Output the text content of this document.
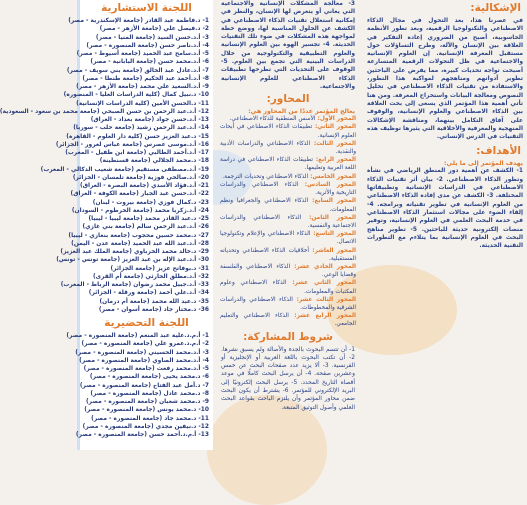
الإشكالية:

في عصرنا هذا، بعد التحول في مجال الذكاء الاصطناعي والتكنولوجيا الرقمية، وبعد تطور الأنظمة الحاسوبية، أصبح من الضروري إعادة التفكير في العلاقة بين الإنسان والآلة، وطرح التساؤلات حول مستقبل المعرفة الإنسانية. إن العلوم الإنسانية والاجتماعية في ظل التحولات الرقمية المتسارعة أصبحت تواجه تحديات كبيرة، مما يفرض على الباحثين تطوير أدواتهم ومناهجهم لمواكبة هذا التطور، والاستفادة من تقنيات الذكاء الاصطناعي في تحليل النصوص ومعالجة البيانات واستخراج المعرفة. ومن هنا تأتي أهمية هذا المؤتمر الذي يسعى إلى بحث العلاقة بين الذكاء الاصطناعي والعلوم الإنسانية، والوقوف على آفاق التكامل بينهما، ومناقشة الإشكالات المنهجية والمعرفية والأخلاقية التي يثيرها توظيف هذه التقنيات في الدرس الإنساني.

الأهداف:
يهدف المؤتمر إلى ما يلي:

1- الكشف عن أهمية دور المنطق الرياضي في نشأة وتطور الذكاء الاصطناعي. 2- بيان أثر تقنيات الذكاء الاصطناعي في الدراسات الإنسانية وتطبيقاتها المختلفة. 3- الكشف عن مدى إفادة الذكاء الاصطناعي من العلوم الإنسانية في تطوير تقنياته وبرامجه. 4- إلقاء الضوء على مجالات استثمار الذكاء الاصطناعي في خدمة البحث العلمي في العلوم الإنسانية، وتوفير منصات إلكترونية حديثة للباحثين. 5- تطوير مناهج البحث في العلوم الإنسانية بما يتلاءم مع التطورات التقنية الحديثة.

3- معالجة المشكلات الإنسانية والاجتماعية التي يعاني أو يتعرض لها الإنسان، والنظر في إمكانية استغلال تقنيات الذكاء الاصطناعي في الكشف عن الحلول المناسبة لها، ووضع خطة لمواجهة هذه المشكلات في ضوء تلك التقنيات الحديثة. 4- تجسير الهوة بين العلوم الإنسانية والعلوم التطبيقية والتكنولوجية من خلال الدراسات البينية التي تجمع بين العلوم. 5- الوقوف على التحديات التي تطرحها تطبيقات الذكاء الاصطناعي للعلوم الإنسانية والاجتماعية.

المحاور:
يعالج المؤتمر عددًا من المحاور هي:
المحور الأول: الأسس المنطقية للذكاء الاصطناعي.
المحور الثاني: تطبيقات الذكاء الاصطناعي في أبحاث العلوم الإنسانية.
المحور الثالث: الذكاء الاصطناعي والدراسات الأدبية والنقدية.
المحور الرابع: تطبيقات الذكاء الاصطناعي في دراسة اللغة العربية وتعليمها.
المحور الخامس: الذكاء الاصطناعي وتحديات الترجمة.
المحور السادس: الذكاء الاصطناعي والدراسات التاريخية والأثرية.
المحور السابع: الذكاء الاصطناعي والجغرافيا ونظم المعلومات.
المحور الثامن: الذكاء الاصطناعي والدراسات الاجتماعية والنفسية.
المحور التاسع: الذكاء الاصطناعي والإعلام وتكنولوجيا الاتصال.
المحور العاشر: أخلاقيات الذكاء الاصطناعي وتحدياته المستقبلية.
المحور الحادي عشر: الذكاء الاصطناعي والفلسفة وقضايا الوعي.
المحور الثاني عشر: الذكاء الاصطناعي وعلوم المكتبات والمعلومات.
المحور الثالث عشر: الذكاء الاصطناعي والدراسات الشرقية والمخطوطات.
المحور الرابع عشر: الذكاء الاصطناعي والتعليم الجامعي.
شروط المشاركة:

1- أن تتسم البحوث بالجدة والأصالة ولم يسبق نشرها. 2- أن تكتب البحوث باللغة العربية أو الإنجليزية أو الفرنسية. 3- ألا يزيد عدد صفحات البحث عن خمس وعشرين صفحة. 4- أن يرسل البحث كاملًا في موعد أقصاه التاريخ المحدد. 5- يرسل البحث إلكترونيًا إلى البريد الإلكتروني للمؤتمر. 6- يشترط أن يكون البحث ضمن محاور المؤتمر وأن يلتزم الباحث بقواعد البحث العلمي وأصول التوثيق المتبعة.

اللجنة الاستشارية
1- د.فاطمة عبد القادر (جامعة الإسكندرية - مصر)
2- د.فيصل علي (جامعة الأزهر - مصر)
3- أ.د.حسن السيد (جامعة المنيا - مصر)
4- أ.د.ناصر حسن (جامعة المنصورة - مصر)
5- أ.د.سامح عبد الحميد (جامعة أسيوط - مصر)
6- أ.د.محمد حسن (جامعة البابانية - مصر)
7- أ.د.عادل عبد الخالق (جامعة بني سويف - مصر)
8- أ.د.أحمد عبد الحكيم (جامعة طنطا - مصر)
9- أ.د.السعيد علي محمد (جامعة الأزهر - مصر)
10- د.نبيل كمال (كلية الدراسات العليا - المنصورة)
11- د.الحسن الأمين (كلية الدراسات الإنسانية)
12- أ.د.عبد الرحمن بن حسن الصبحي (جامعة محمد بن سعود - السعودية)
13- أ.د.حسن جواد (جامعة بغداد - العراق)
14- أ.د.عبد الرحمن رشيد (جامعة حلب - سوريا)
15- د.عبد العزيز حسن (كلية دار العلوم - القاهرة)
16- أ.د.موسى عصرس (جامعة عباس لغرور - الجزائر)
17- أ.د.أحمد الطالبي (جامعة ابن طفيل - المغرب)
18- د.محمد الجلالي (جامعة قسنطينة)
19- أ.د.مصطفى مستقيم (جامعة شعيب الدكالي - المغرب)
20- أ.د.صالحي فوزية (جامعة تلمسان - الجزائر)
21- أ.د.فؤاد الأسدي (جامعة البصرة - العراق)
22- أ.د.حسن عبد الجبار (جامعة الكوفة - العراق)
23- د.كمال فوزي (جامعة بيروت - لبنان)
24- أ.د.زكريا محمد (جامعة الخرطوم - السودان)
25- د.عبد القادر محمد (جامعة ليبيا - ليبيا)
26- أ.د.عبد الرحمن سالم (جامعة بني غازي)
27- د.محمد حسين محجوب (جامعة بنغازي - ليبيا)
28- أ.د.عبد الله عبد الحميد (جامعة عدن - اليمن)
29- د.خالد محمد الخرباوي (جامعة الملك عبد العزيز)
30- أ.د.عبد الإله بن عبد العزيز (جامعة تونس - تونس)
31- د.بوفاتح عزيز (جامعة الجزائر)
32- أ.د.مطلق الحارثي (جامعة أم القرى)
33- أ.د.جبيل محمد رضوان (جامعة الرباط - المغرب)
34- أ.د.علي أحمد (جامعة ورقلة - الجزائر)
35- د.عبد الله محمد (جامعة أم درمان)
36- د.مختار جاد (جامعة أسوان - مصر)
اللجنة التحضيرية
1- أ.م.د.علية عبد المنعم (جامعة المنصورة - مصر)
2- أ.م.د.عمرو علي (جامعة المنصورة - مصر)
3- أ.د.محمد الحسيني (جامعة المنصورة - مصر)
4- أ.د.محمد الصاوي (جامعة المنصورة - مصر)
5- أ.د.محمد رفعت (جامعة المنصورة - مصر)
6- د.محمد يحيى (جامعة المنصورة - مصر)
7- د.أمل عبد الفتاح (جامعة المنصورة - مصر)
8- د.محمد عادل (جامعة المنصورة - مصر)
9- د.محمد شعبان (جامعة المنصورة - مصر)
10- د.محمد يونس (جامعة المنصورة - مصر)
11- د.محمد جاد (جامعة المنصورة - مصر)
12- د.نيفين مجدي (جامعة المنصورة - مصر)
13- أ.م.د.أحمد حسن (جامعة المنصورة - مصر)
